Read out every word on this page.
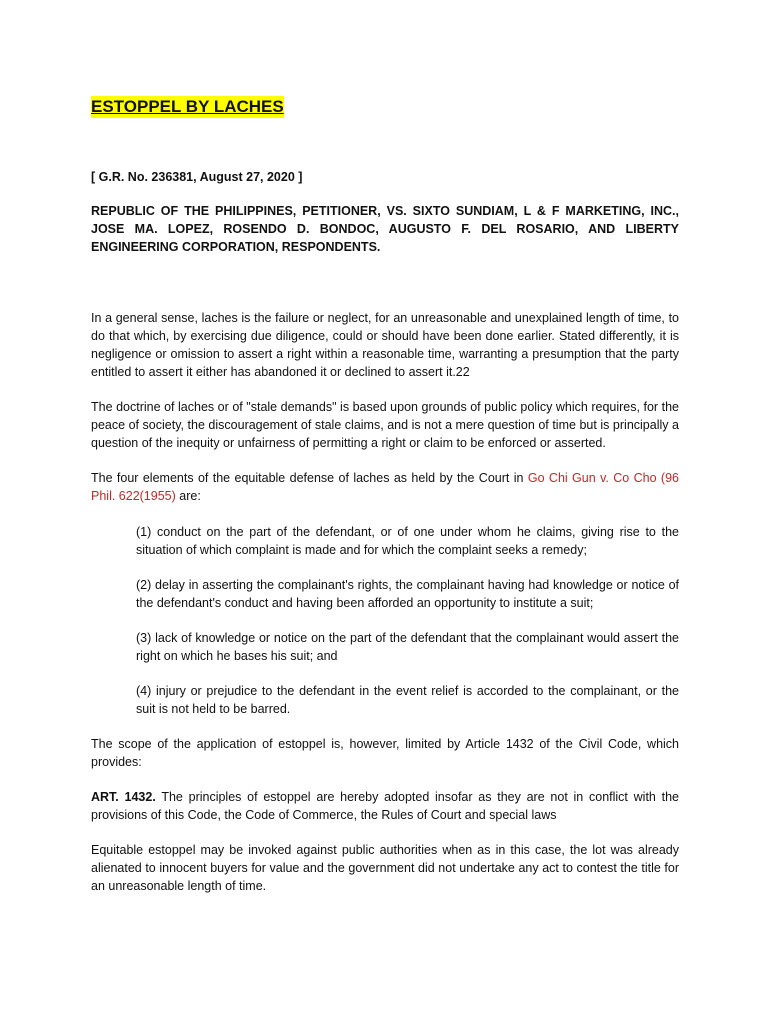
ESTOPPEL BY LACHES
[ G.R. No. 236381, August 27, 2020 ]
REPUBLIC OF THE PHILIPPINES, PETITIONER, VS. SIXTO SUNDIAM, L & F MARKETING, INC., JOSE MA. LOPEZ, ROSENDO D. BONDOC, AUGUSTO F. DEL ROSARIO, AND LIBERTY ENGINEERING CORPORATION, RESPONDENTS.

In a general sense, laches is the failure or neglect, for an unreasonable and unexplained length of time, to do that which, by exercising due diligence, could or should have been done earlier. Stated differently, it is negligence or omission to assert a right within a reasonable time, warranting a presumption that the party entitled to assert it either has abandoned it or declined to assert it.22

The doctrine of laches or of "stale demands" is based upon grounds of public policy which requires, for the peace of society, the discouragement of stale claims, and is not a mere question of time but is principally a question of the inequity or unfairness of permitting a right or claim to be enforced or asserted.

The four elements of the equitable defense of laches as held by the Court in Go Chi Gun v. Co Cho (96 Phil. 622(1955) are:

(1) conduct on the part of the defendant, or of one under whom he claims, giving rise to the situation of which complaint is made and for which the complaint seeks a remedy;

(2) delay in asserting the complainant's rights, the complainant having had knowledge or notice of the defendant's conduct and having been afforded an opportunity to institute a suit;

(3) lack of knowledge or notice on the part of the defendant that the complainant would assert the right on which he bases his suit; and

(4) injury or prejudice to the defendant in the event relief is accorded to the complainant, or the suit is not held to be barred.

The scope of the application of estoppel is, however, limited by Article 1432 of the Civil Code, which provides:

ART. 1432. The principles of estoppel are hereby adopted insofar as they are not in conflict with the provisions of this Code, the Code of Commerce, the Rules of Court and special laws

Equitable estoppel may be invoked against public authorities when as in this case, the lot was already alienated to innocent buyers for value and the government did not undertake any act to contest the title for an unreasonable length of time.
